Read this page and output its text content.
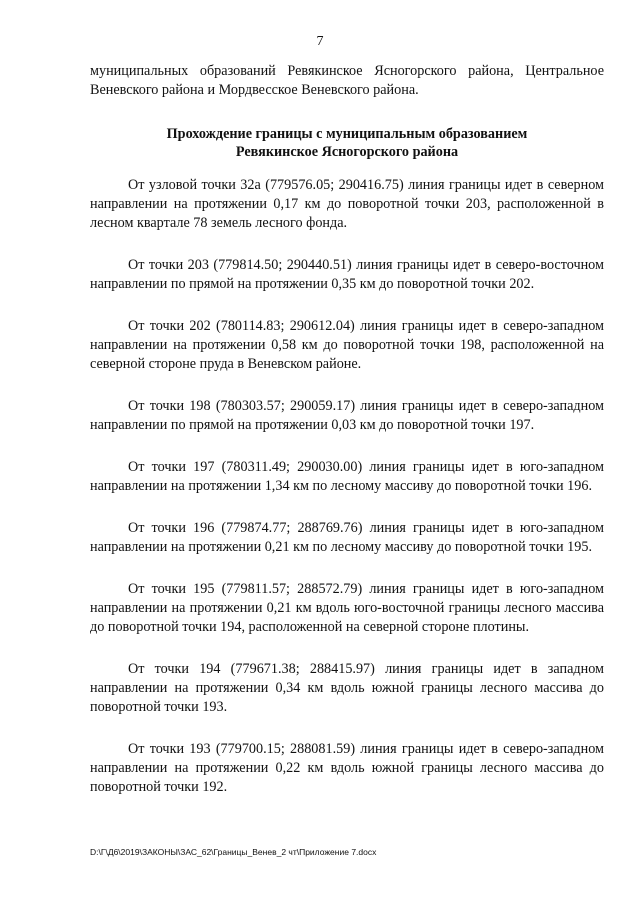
7
муниципальных образований Ревякинское Ясногорского района, Центральное Веневского района и Мордвесское Веневского района.
Прохождение границы с муниципальным образованием
Ревякинское Ясногорского района

От узловой точки 32а (779576.05; 290416.75) линия границы идет в северном направлении на протяжении 0,17 км до поворотной точки 203, расположенной в лесном квартале 78 земель лесного фонда.

От точки 203 (779814.50; 290440.51) линия границы идет в северо-восточном направлении по прямой на протяжении 0,35 км до поворотной точки 202.

От точки 202 (780114.83; 290612.04) линия границы идет в северо-западном направлении на протяжении 0,58 км до поворотной точки 198, расположенной на северной стороне пруда в Веневском районе.

От точки 198 (780303.57; 290059.17) линия границы идет в северо-западном направлении по прямой на протяжении 0,03 км до поворотной точки 197.

От точки 197 (780311.49; 290030.00) линия границы идет в юго-западном направлении на протяжении 1,34 км по лесному массиву до поворотной точки 196.

От точки 196 (779874.77; 288769.76) линия границы идет в юго-западном направлении на протяжении 0,21 км по лесному массиву до поворотной точки 195.

От точки 195 (779811.57; 288572.79) линия границы идет в юго-западном направлении на протяжении 0,21 км вдоль юго-восточной границы лесного массива до поворотной точки 194, расположенной на северной стороне плотины.

От точки 194 (779671.38; 288415.97) линия границы идет в западном направлении на протяжении 0,34 км вдоль южной границы лесного массива до поворотной точки 193.

От точки 193 (779700.15; 288081.59) линия границы идет в северо-западном направлении на протяжении 0,22 км вдоль южной границы лесного массива до поворотной точки 192.

D:\Г\Д6\2019\ЗАКОНЫ\ЗАС_62\Границы_Венев_2 чт\Приложение 7.docx
